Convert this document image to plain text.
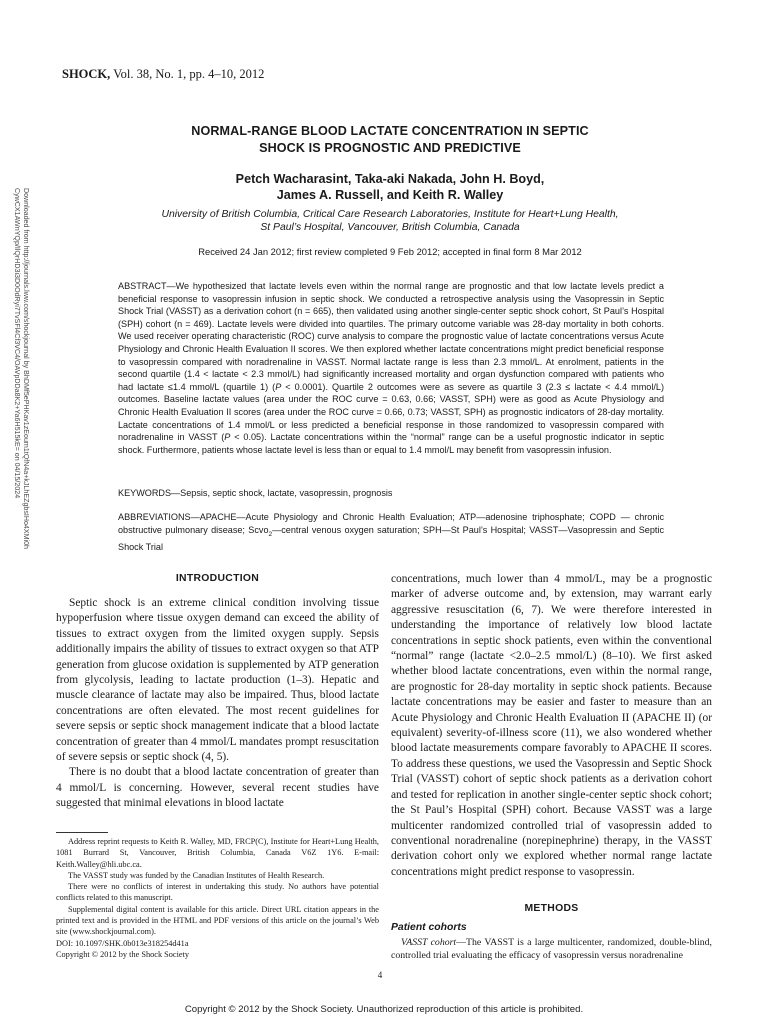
SHOCK, Vol. 38, No. 1, pp. 4–10, 2012
NORMAL-RANGE BLOOD LACTATE CONCENTRATION IN SEPTIC
SHOCK IS PROGNOSTIC AND PREDICTIVE
Petch Wacharasint, Taka-aki Nakada, John H. Boyd,
James A. Russell, and Keith R. Walley
University of British Columbia, Critical Care Research Laboratories, Institute for Heart+Lung Health,
St Paul’s Hospital, Vancouver, British Columbia, Canada
Received 24 Jan 2012; first review completed 9 Feb 2012; accepted in final form 8 Mar 2012
Downloaded from http://journals.lww.com/shockjournal by BhDMf5ePHKav1zEoum1tQfN4a+kJLhEZgbsIHo4XMi0h
CywCX1AWnYQp/IlQrHD3i3D0OdRyi7TvSFl4Cf3VC4/OAVpDDa8K2+Ya6H515kE= on 04/15/2024	ABSTRACT—We hypothesized that lactate levels even within the normal range are prognostic and that low lactate levels predict a beneficial response to vasopressin infusion in septic shock. We conducted a retrospective analysis using the Vasopressin in Septic Shock Trial (VASST) as a derivation cohort (n = 665), then validated using another single-center septic shock cohort, St Paul’s Hospital (SPH) cohort (n = 469). Lactate levels were divided into quartiles. The primary outcome variable was 28-day mortality in both cohorts. We used receiver operating characteristic (ROC) curve analysis to compare the prognostic value of lactate concentrations versus Acute Physiology and Chronic Health Evaluation II scores. We then explored whether lactate concentrations might predict beneficial response to vasopressin compared with noradrenaline in VASST. Normal lactate range is less than 2.3 mmol/L. At enrolment, patients in the second quartile (1.4 < lactate < 2.3 mmol/L) had significantly increased mortality and organ dysfunction compared with patients who had lactate ≤1.4 mmol/L (quartile 1) (P < 0.0001). Quartile 2 outcomes were as severe as quartile 3 (2.3 ≤ lactate < 4.4 mmol/L) outcomes. Baseline lactate values (area under the ROC curve = 0.63, 0.66; VASST, SPH) were as good as Acute Physiology and Chronic Health Evaluation II scores (area under the ROC curve = 0.66, 0.73; VASST, SPH) as prognostic indicators of 28-day mortality. Lactate concentrations of 1.4 mmol/L or less predicted a beneficial response in those randomized to vasopressin compared with noradrenaline in VASST (P < 0.05). Lactate concentrations within the “normal” range can be a useful prognostic indicator in septic shock. Furthermore, patients whose lactate level is less than or equal to 1.4 mmol/L may benefit from vasopressin infusion.
KEYWORDS—Sepsis, septic shock, lactate, vasopressin, prognosis
ABBREVIATIONS—APACHE—Acute Physiology and Chronic Health Evaluation; ATP—adenosine triphosphate; COPD — chronic obstructive pulmonary disease; Scvo$_2$—central venous oxygen saturation; SPH—St Paul’s Hospital; VASST—Vasopressin and Septic Shock Trial
INTRODUCTION

Septic shock is an extreme clinical condition involving tissue hypoperfusion where tissue oxygen demand can exceed the ability of tissues to extract oxygen from the limited oxygen supply. Sepsis additionally impairs the ability of tissues to extract oxygen so that ATP generation from glucose oxidation is supplemented by ATP generation from glycolysis, leading to lactate production (1–3). Hepatic and muscle clearance of lactate may also be impaired. Thus, blood lactate concentrations are often elevated. The most recent guidelines for severe sepsis or septic shock management indicate that a blood lactate concentration of greater than 4 mmol/L mandates prompt resuscitation of severe sepsis or septic shock (4, 5).

There is no doubt that a blood lactate concentration of greater than 4 mmol/L is concerning. However, several recent studies have suggested that minimal elevations in blood lactate

concentrations, much lower than 4 mmol/L, may be a prognostic marker of adverse outcome and, by extension, may warrant early aggressive resuscitation (6, 7). We were therefore interested in understanding the importance of relatively low blood lactate concentrations in septic shock patients, even within the conventional “normal” range (lactate <2.0–2.5 mmol/L) (8–10). We first asked whether blood lactate concentrations, even within the normal range, are prognostic for 28-day mortality in septic shock patients. Because lactate concentrations may be easier and faster to measure than an Acute Physiology and Chronic Health Evaluation II (APACHE II) (or equivalent) severity-of-illness score (11), we also wondered whether blood lactate measurements compare favorably to APACHE II scores. To address these questions, we used the Vasopressin and Septic Shock Trial (VASST) cohort of septic shock patients as a derivation cohort and tested for replication in another single-center septic shock cohort; the St Paul’s Hospital (SPH) cohort. Because VASST was a large multicenter randomized controlled trial of vasopressin added to conventional noradrenaline (norepinephrine) therapy, in the VASST derivation cohort only we explored whether normal range lactate concentrations might predict response to vasopressin.

METHODS
Patient cohorts
VASST cohort—The VASST is a large multicenter, randomized, double-blind, controlled trial evaluating the efficacy of vasopressin versus noradrenaline

Address reprint requests to Keith R. Walley, MD, FRCP(C), Institute for Heart+Lung Health, 1081 Burrard St, Vancouver, British Columbia, Canada V6Z 1Y6. E-mail: Keith.Walley@hli.ubc.ca.

The VASST study was funded by the Canadian Institutes of Health Research.

There were no conflicts of interest in undertaking this study. No authors have potential conflicts related to this manuscript.

Supplemental digital content is available for this article. Direct URL citation appears in the printed text and is provided in the HTML and PDF versions of this article on the journal’s Web site (www.shockjournal.com).

DOI: 10.1097/SHK.0b013e318254d41a

Copyright © 2012 by the Shock Society

4
Copyright © 2012 by the Shock Society. Unauthorized reproduction of this article is prohibited.
